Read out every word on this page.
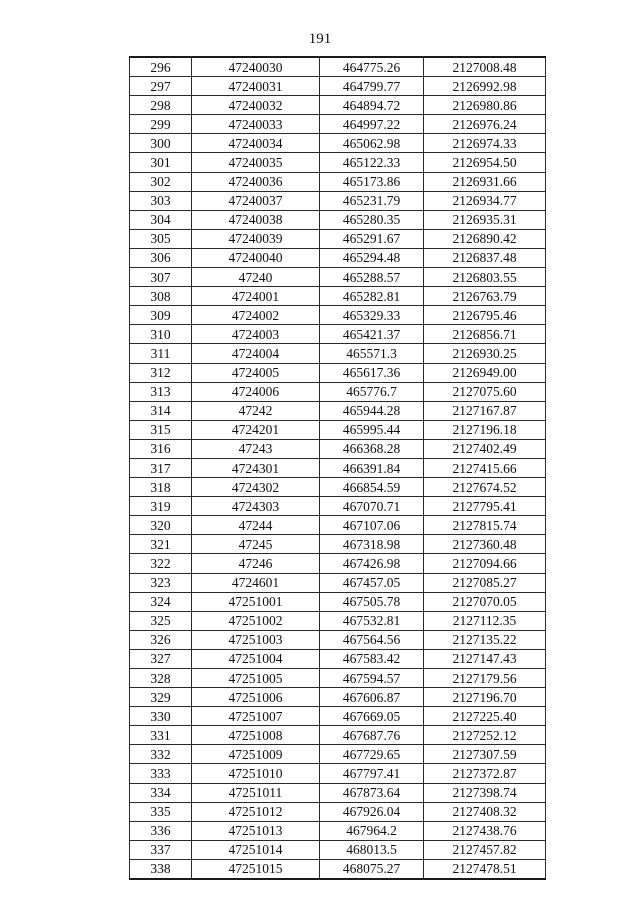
191
296	47240030	464775.26	2127008.48
297	47240031	464799.77	2126992.98
298	47240032	464894.72	2126980.86
299	47240033	464997.22	2126976.24
300	47240034	465062.98	2126974.33
301	47240035	465122.33	2126954.50
302	47240036	465173.86	2126931.66
303	47240037	465231.79	2126934.77
304	47240038	465280.35	2126935.31
305	47240039	465291.67	2126890.42
306	47240040	465294.48	2126837.48
307	47240	465288.57	2126803.55
308	4724001	465282.81	2126763.79
309	4724002	465329.33	2126795.46
310	4724003	465421.37	2126856.71
311	4724004	465571.3	2126930.25
312	4724005	465617.36	2126949.00
313	4724006	465776.7	2127075.60
314	47242	465944.28	2127167.87
315	4724201	465995.44	2127196.18
316	47243	466368.28	2127402.49
317	4724301	466391.84	2127415.66
318	4724302	466854.59	2127674.52
319	4724303	467070.71	2127795.41
320	47244	467107.06	2127815.74
321	47245	467318.98	2127360.48
322	47246	467426.98	2127094.66
323	4724601	467457.05	2127085.27
324	47251001	467505.78	2127070.05
325	47251002	467532.81	2127112.35
326	47251003	467564.56	2127135.22
327	47251004	467583.42	2127147.43
328	47251005	467594.57	2127179.56
329	47251006	467606.87	2127196.70
330	47251007	467669.05	2127225.40
331	47251008	467687.76	2127252.12
332	47251009	467729.65	2127307.59
333	47251010	467797.41	2127372.87
334	47251011	467873.64	2127398.74
335	47251012	467926.04	2127408.32
336	47251013	467964.2	2127438.76
337	47251014	468013.5	2127457.82
338	47251015	468075.27	2127478.51
